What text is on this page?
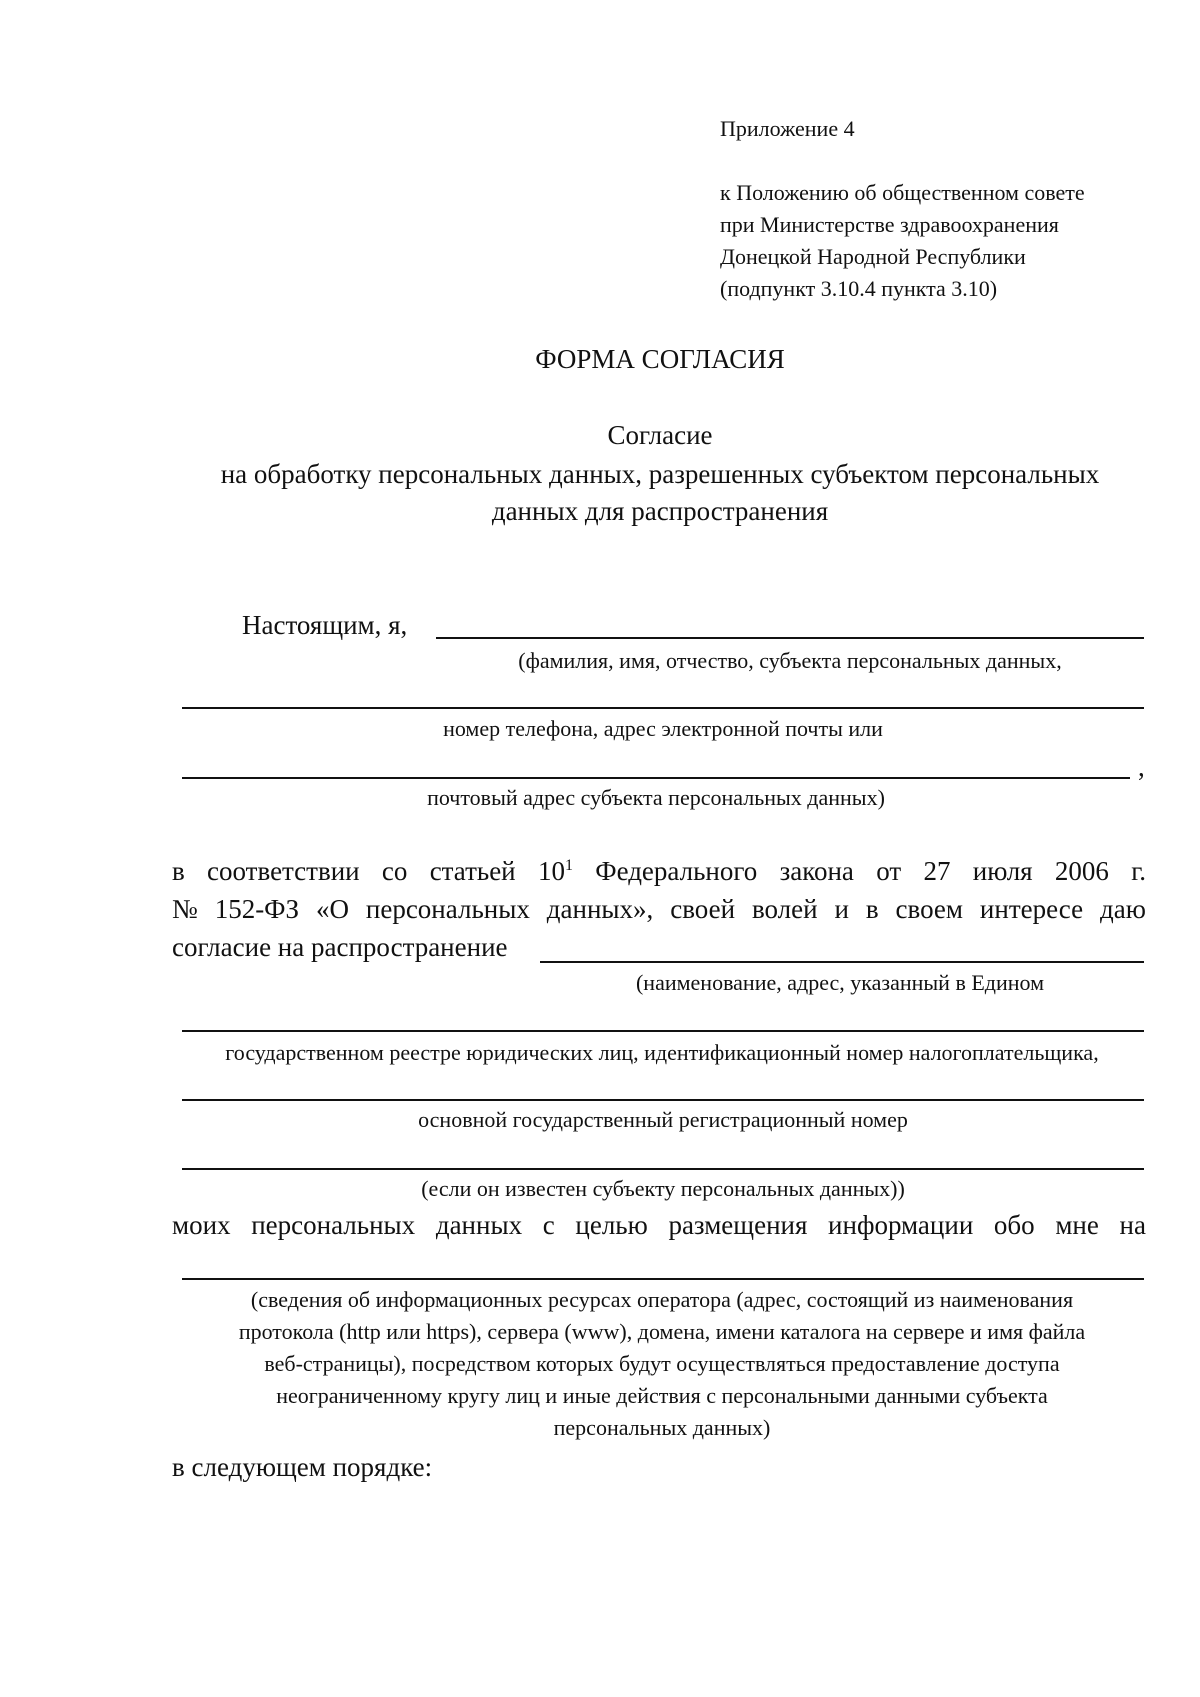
Приложение 4
к Положению об общественном совете
при Министерстве здравоохранения
Донецкой Народной Республики
(подпункт 3.10.4 пункта 3.10)
ФОРМА СОГЛАСИЯ
Согласие
на обработку персональных данных, разрешенных субъектом персональных
данных для распространения
Настоящим, я,
(фамилия, имя, отчество, субъекта персональных данных,
номер телефона, адрес электронной почты или
,
почтовый адрес субъекта персональных данных)
в соответствии со статьей $10^1$ Федерального закона от 27 июля 2006 г.
№ 152-ФЗ «О персональных данных», своей волей и в своем интересе даю
согласие на распространение
(наименование, адрес, указанный в Едином
государственном реестре юридических лиц, идентификационный номер налогоплательщика,
основной государственный регистрационный номер
(если он известен субъекту персональных данных))
моих персональных данных с целью размещения информации обо мне на
(сведения об информационных ресурсах оператора (адрес, состоящий из наименования
протокола (http или https), сервера (www), домена, имени каталога на сервере и имя файла
веб-страницы), посредством которых будут осуществляться предоставление доступа
неограниченному кругу лиц и иные действия с персональными данными субъекта
персональных данных)
в следующем порядке:
